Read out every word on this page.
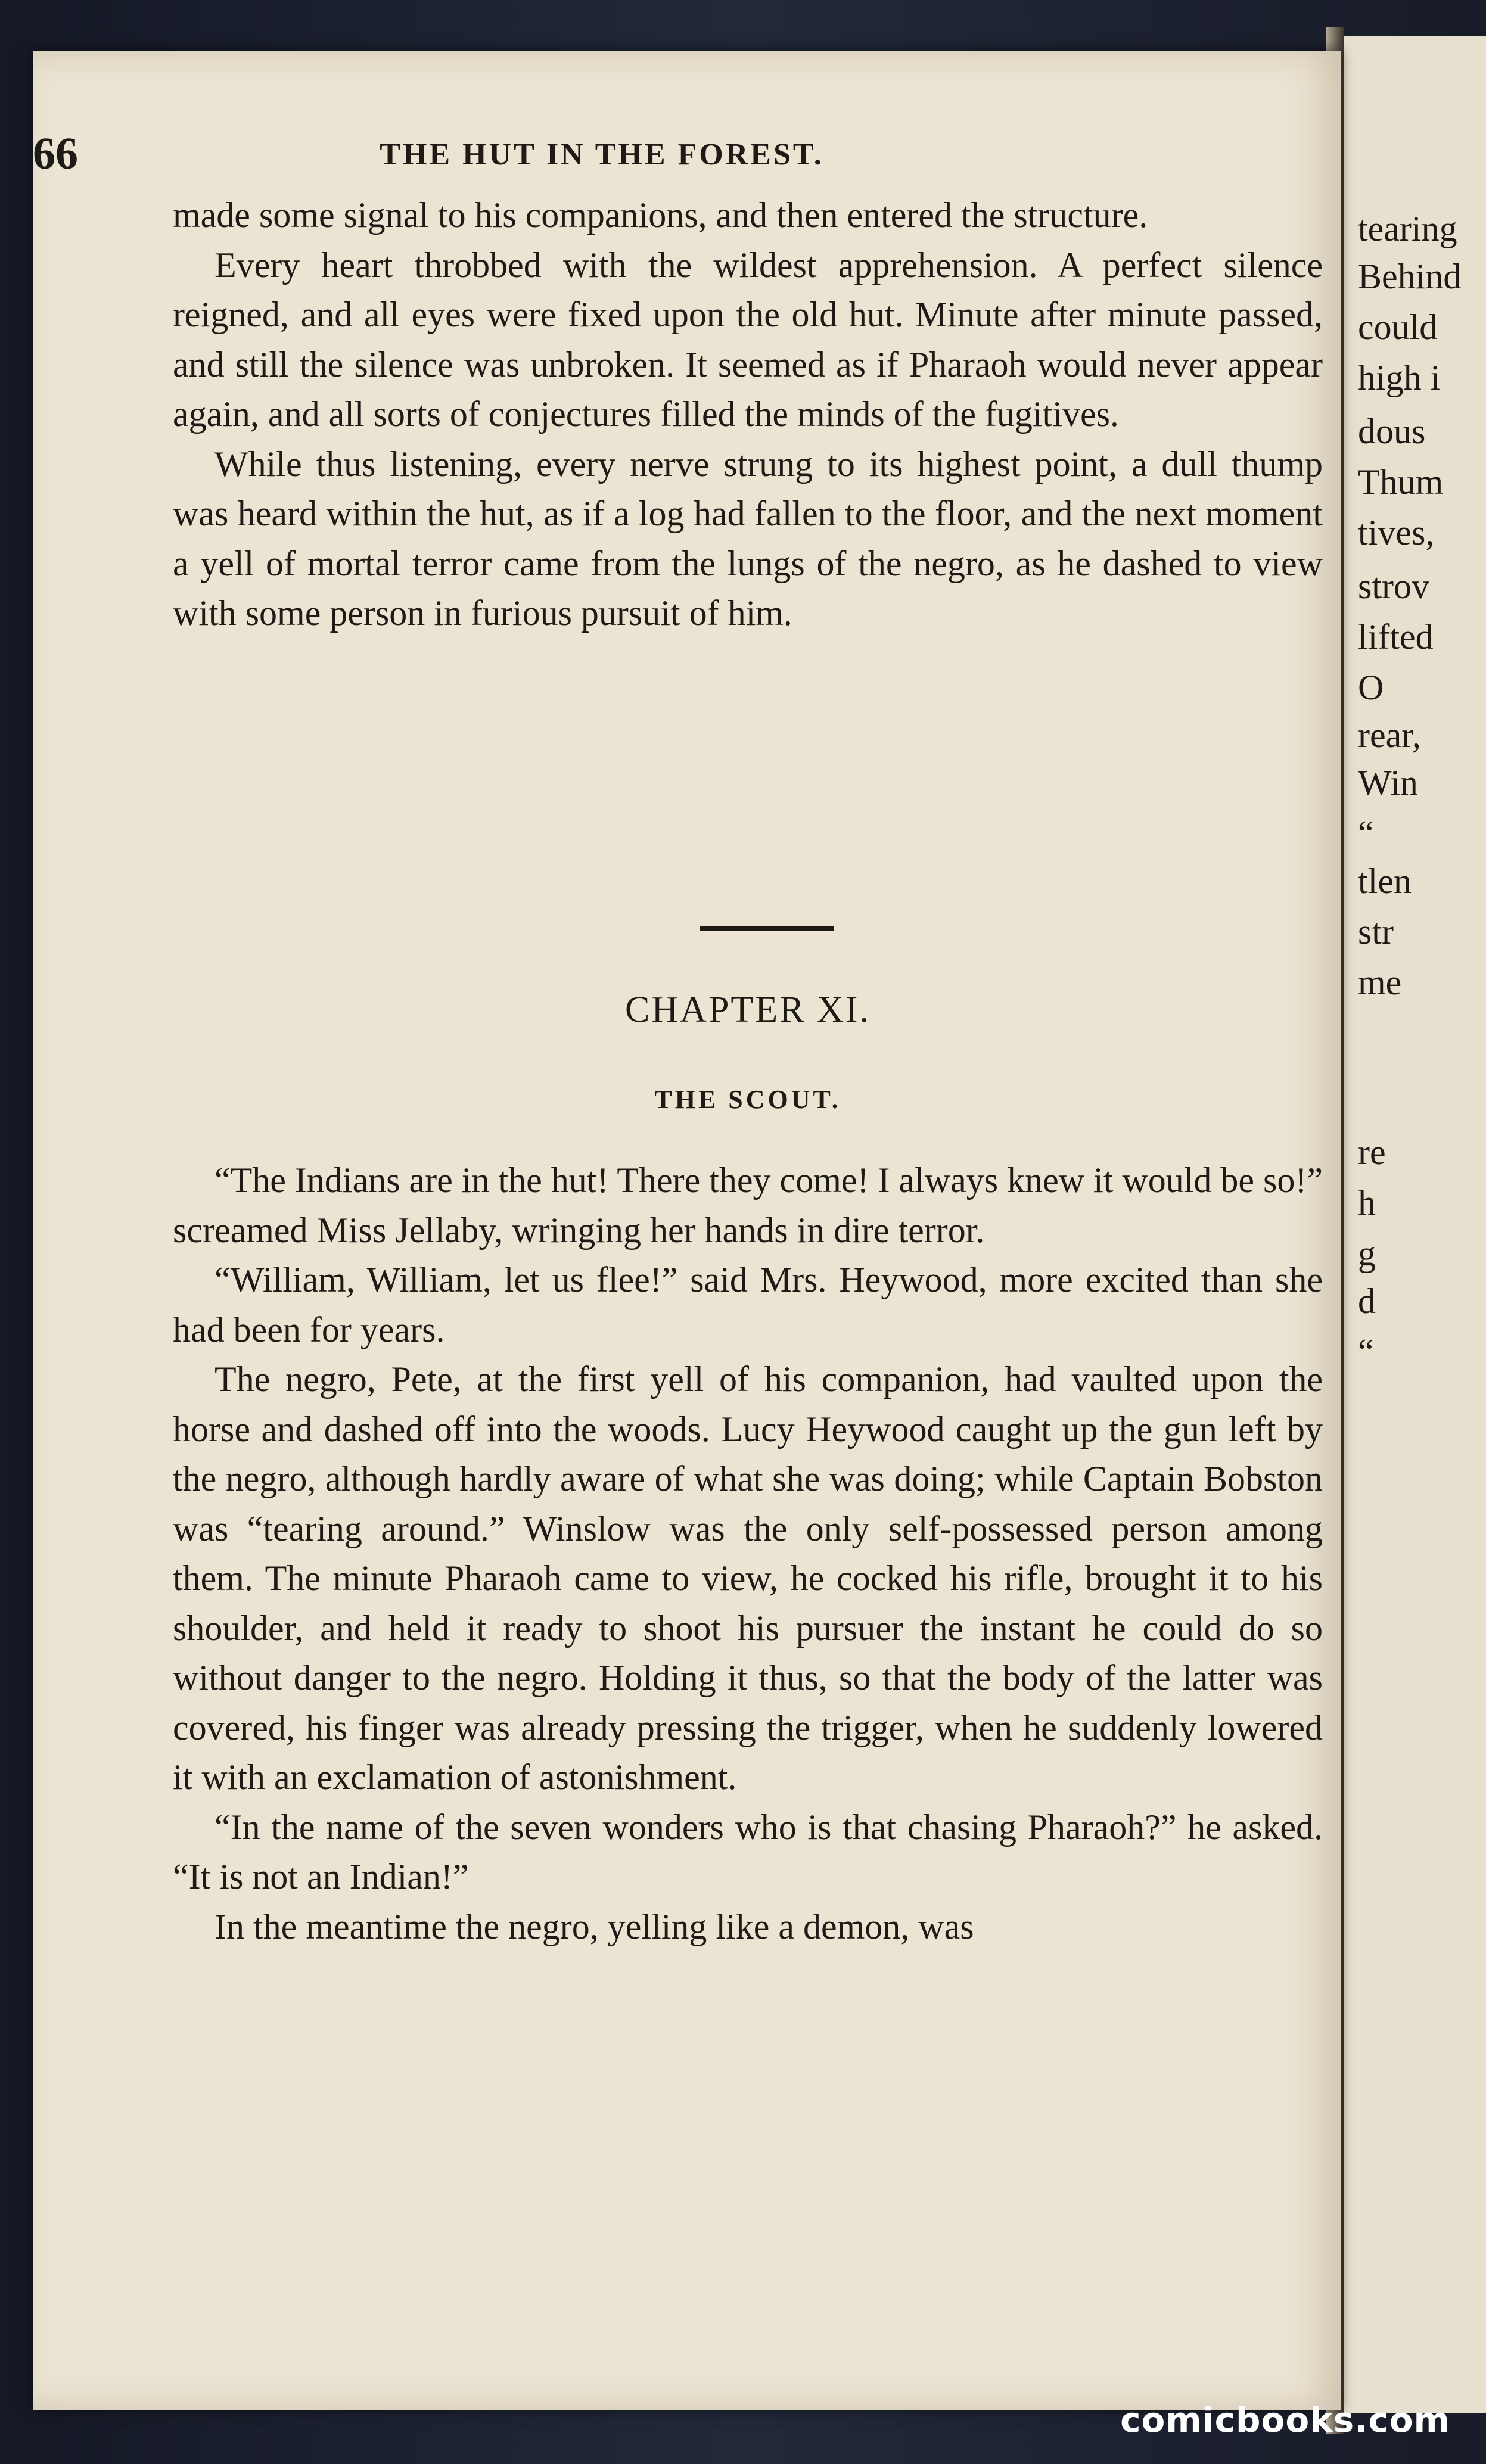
tearing
Behind
could
high i
dous
Thum
tives,
strov
lifted
O
rear,
Win
“
tlen
str
me
re
h
g
d
“
66	THE HUT IN THE FOREST.

made some signal to his companions, and then entered the structure.

Every heart throbbed with the wildest apprehension. A perfect silence reigned, and all eyes were fixed upon the old hut. Minute after minute passed, and still the silence was unbroken. It seemed as if Pharaoh would never appear again, and all sorts of conjectures filled the minds of the fugitives.

While thus listening, every nerve strung to its highest point, a dull thump was heard within the hut, as if a log had fallen to the floor, and the next moment a yell of mortal terror came from the lungs of the negro, as he dashed to view with some person in furious pursuit of him.

CHAPTER XI.
THE SCOUT.

“The Indians are in the hut! There they come! I always knew it would be so!” screamed Miss Jellaby, wringing her hands in dire terror.

“William, William, let us flee!” said Mrs. Heywood, more excited than she had been for years.

The negro, Pete, at the first yell of his companion, had vaulted upon the horse and dashed off into the woods. Lucy Heywood caught up the gun left by the negro, although hardly aware of what she was doing; while Captain Bobston was “tearing around.” Winslow was the only self-possessed person among them. The minute Pharaoh came to view, he cocked his rifle, brought it to his shoulder, and held it ready to shoot his pursuer the instant he could do so without danger to the negro. Holding it thus, so that the body of the latter was covered, his finger was already pressing the trigger, when he suddenly lowered it with an exclamation of astonishment.

“In the name of the seven wonders who is that chasing Pharaoh?” he asked. “It is not an Indian!”

In the meantime the negro, yelling like a demon, was

comicbooks.com
